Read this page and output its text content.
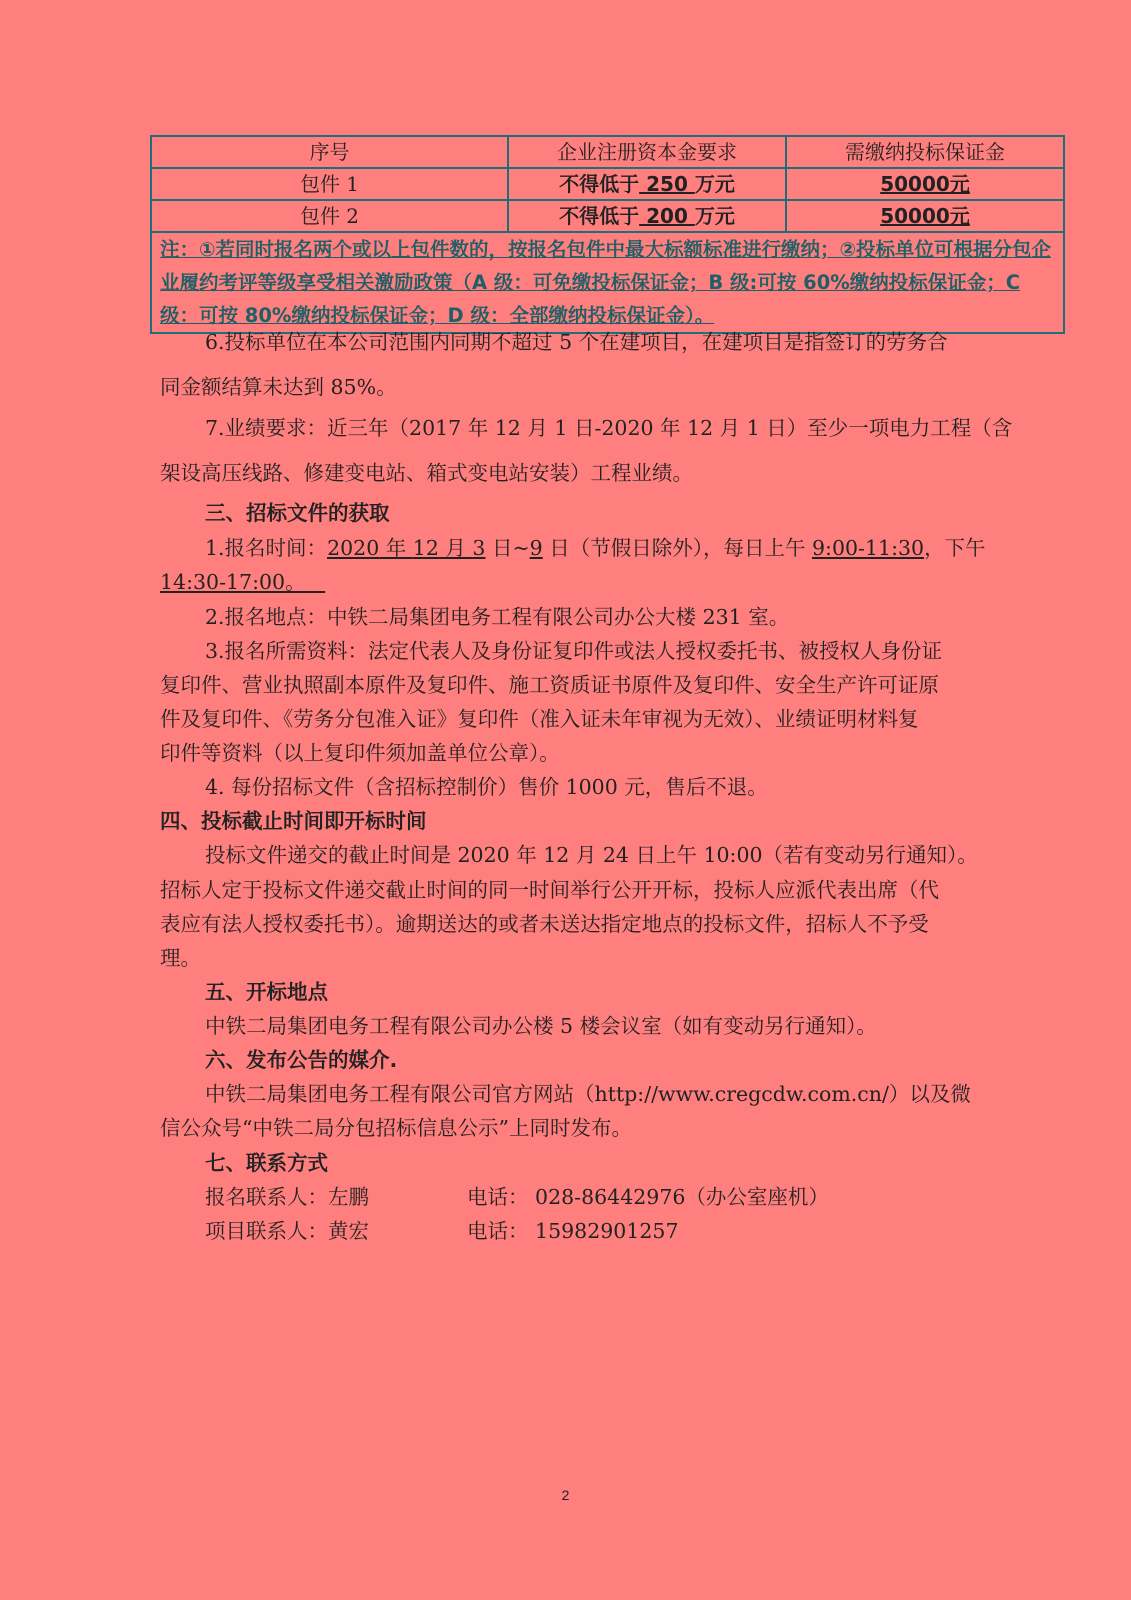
序号	企业注册资本金要求	需缴纳投标保证金
包件 1	不得低于 250 万元	50000元
包件 2	不得低于 200 万元	50000元
注：①若同时报名两个或以上包件数的，按报名包件中最大标额标准进行缴纳；②投标单位可根据分包企业履约考评等级享受相关激励政策（A 级：可免缴投标保证金；B 级:可按 60%缴纳投标保证金；C 级：可按 80%缴纳投标保证金；D 级：全部缴纳投标保证金）。		
6.投标单位在本公司范围内同期不超过 5 个在建项目，在建项目是指签订的劳务合
同金额结算未达到 85%。
7.业绩要求：近三年（2017 年 12 月 1 日-2020 年 12 月 1 日）至少一项电力工程（含
架设高压线路、修建变电站、箱式变电站安装）工程业绩。
三、招标文件的获取
1.报名时间：2020 年 12 月 3 日~9 日（节假日除外），每日上午 9:00-11:30，下午
14:30-17:00。
2.报名地点：中铁二局集团电务工程有限公司办公大楼 231 室。
3.报名所需资料：法定代表人及身份证复印件或法人授权委托书、被授权人身份证
复印件、营业执照副本原件及复印件、施工资质证书原件及复印件、安全生产许可证原
件及复印件、《劳务分包准入证》复印件（准入证未年审视为无效）、业绩证明材料复
印件等资料（以上复印件须加盖单位公章）。
4. 每份招标文件（含招标控制价）售价 1000 元，售后不退。
四、投标截止时间即开标时间
投标文件递交的截止时间是 2020 年 12 月 24 日上午 10:00（若有变动另行通知）。
招标人定于投标文件递交截止时间的同一时间举行公开开标，投标人应派代表出席（代
表应有法人授权委托书）。逾期送达的或者未送达指定地点的投标文件，招标人不予受
理。
五、开标地点
中铁二局集团电务工程有限公司办公楼 5 楼会议室（如有变动另行通知）。
六、发布公告的媒介.
中铁二局集团电务工程有限公司官方网站（http://www.cregcdw.com.cn/）以及微
信公众号“中铁二局分包招标信息公示”上同时发布。
七、联系方式
报名联系人：左鹏	电话： 028-86442976（办公室座机）
项目联系人：黄宏	电话： 15982901257
2
